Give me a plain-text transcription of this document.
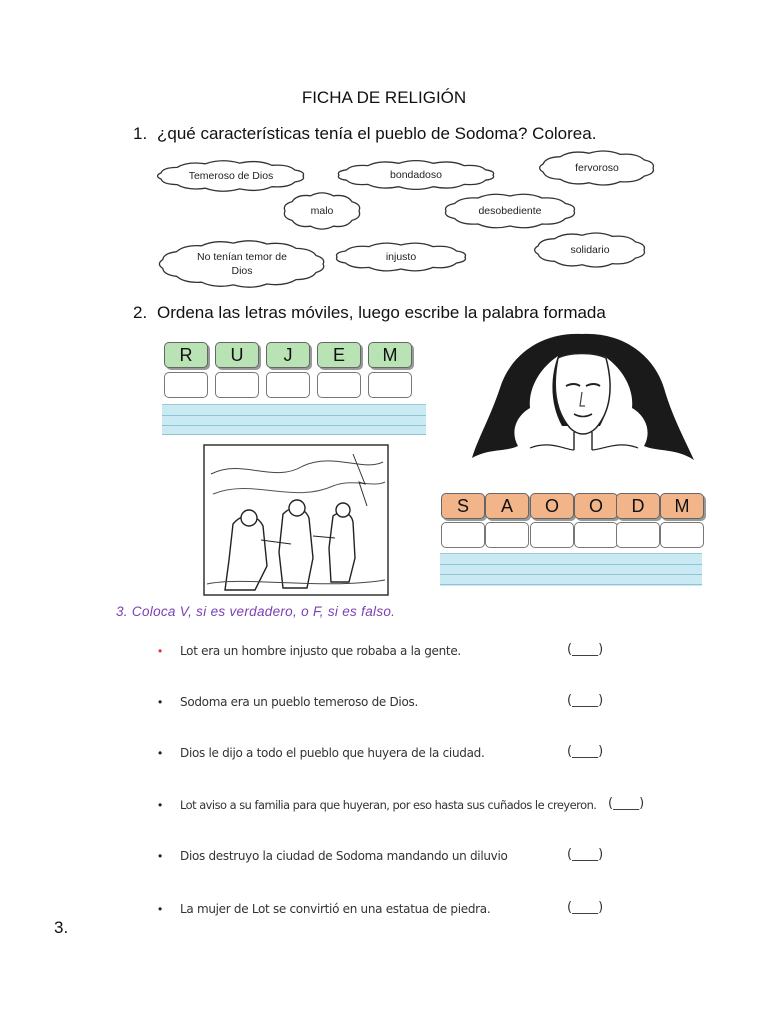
FICHA DE RELIGIÓN
1. ¿qué características tenía el pueblo de Sodoma? Colorea.
Temeroso de Dios	bondadoso
fervoroso
malo	desobediente
solidario
No tenían temor de Dios
injusto
2. Ordena las letras móviles, luego escribe la palabra formada
R	U	J	E	M
S	A	O	O	D	M
3. Coloca V, si es verdadero, o F, si es falso.
• Lot era un hombre injusto que robaba a la gente.	(____)
• Sodoma era un pueblo temeroso de Dios.	(____)
• Dios le dijo a todo el pueblo que huyera de la ciudad.	(____)
• Lot aviso a su familia para que huyeran, por eso hasta sus cuñados le creyeron. (____)
• Dios destruyo la ciudad de Sodoma mandando un diluvio	(____)
• La mujer de Lot se convirtió en una estatua de piedra.	(____)
3.
